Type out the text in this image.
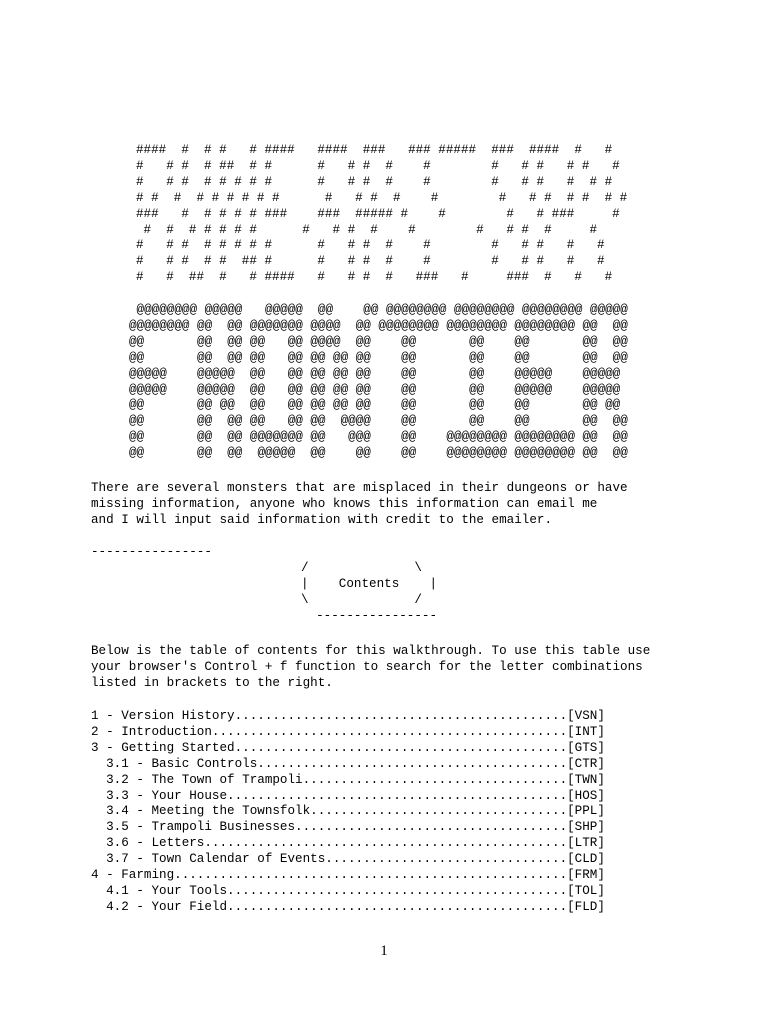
####  #  # #   # ####   ####  ###   ### #####  ###  ####  #   #
#   # #  # ##  # #      #   # #  #    #        #   # #   # #   #
#   # #  # # # # #      #   # #  #    #        #   # #   #  # #
# #  #  # # # # # #      #   # #  #    #        #   # #  # #  # #
###   #  # # # # ###    ###  ##### #    #        #   # ###     #
#  #  # # # # #      #   # #  #    #        #   # #  #     #
#   # #  # # # # #      #   # #  #    #        #   # #   #   #
#   # #  # #  ## #      #   # #  #    #        #   # #   #   #
#   #  ##  #   # ####   #   # #  #   ###   #     ###  #   #   #
@@@@@@@@ @@@@@   @@@@@  @@    @@ @@@@@@@@ @@@@@@@@ @@@@@@@@ @@@@@
@@@@@@@@ @@  @@ @@@@@@@ @@@@  @@ @@@@@@@@ @@@@@@@@ @@@@@@@@ @@  @@
@@       @@  @@ @@   @@ @@@@  @@    @@       @@    @@       @@  @@
@@       @@  @@ @@   @@ @@ @@ @@    @@       @@    @@       @@  @@
@@@@@    @@@@@  @@   @@ @@ @@ @@    @@       @@    @@@@@    @@@@@
@@@@@    @@@@@  @@   @@ @@ @@ @@    @@       @@    @@@@@    @@@@@
@@       @@ @@  @@   @@ @@ @@ @@    @@       @@    @@       @@ @@
@@       @@  @@ @@   @@ @@  @@@@    @@       @@    @@       @@  @@
@@       @@  @@ @@@@@@@ @@   @@@    @@    @@@@@@@@ @@@@@@@@ @@  @@
@@       @@  @@  @@@@@  @@    @@    @@    @@@@@@@@ @@@@@@@@ @@  @@
There are several monsters that are misplaced in their dungeons or have
missing information, anyone who knows this information can email me
and I will input said information with credit to the emailer.
----------------
/              \
|    Contents    |
\              /
----------------
Below is the table of contents for this walkthrough. To use this table use
your browser's Control + f function to search for the letter combinations
listed in brackets to the right.
1 - Version History............................................[VSN]
2 - Introduction...............................................[INT]
3 - Getting Started............................................[GTS]
3.1 - Basic Controls.........................................[CTR]
3.2 - The Town of Trampoli...................................[TWN]
3.3 - Your House.............................................[HOS]
3.4 - Meeting the Townsfolk..................................[PPL]
3.5 - Trampoli Businesses....................................[SHP]
3.6 - Letters................................................[LTR]
3.7 - Town Calendar of Events................................[CLD]
4 - Farming....................................................[FRM]
4.1 - Your Tools.............................................[TOL]
4.2 - Your Field.............................................[FLD]
1
